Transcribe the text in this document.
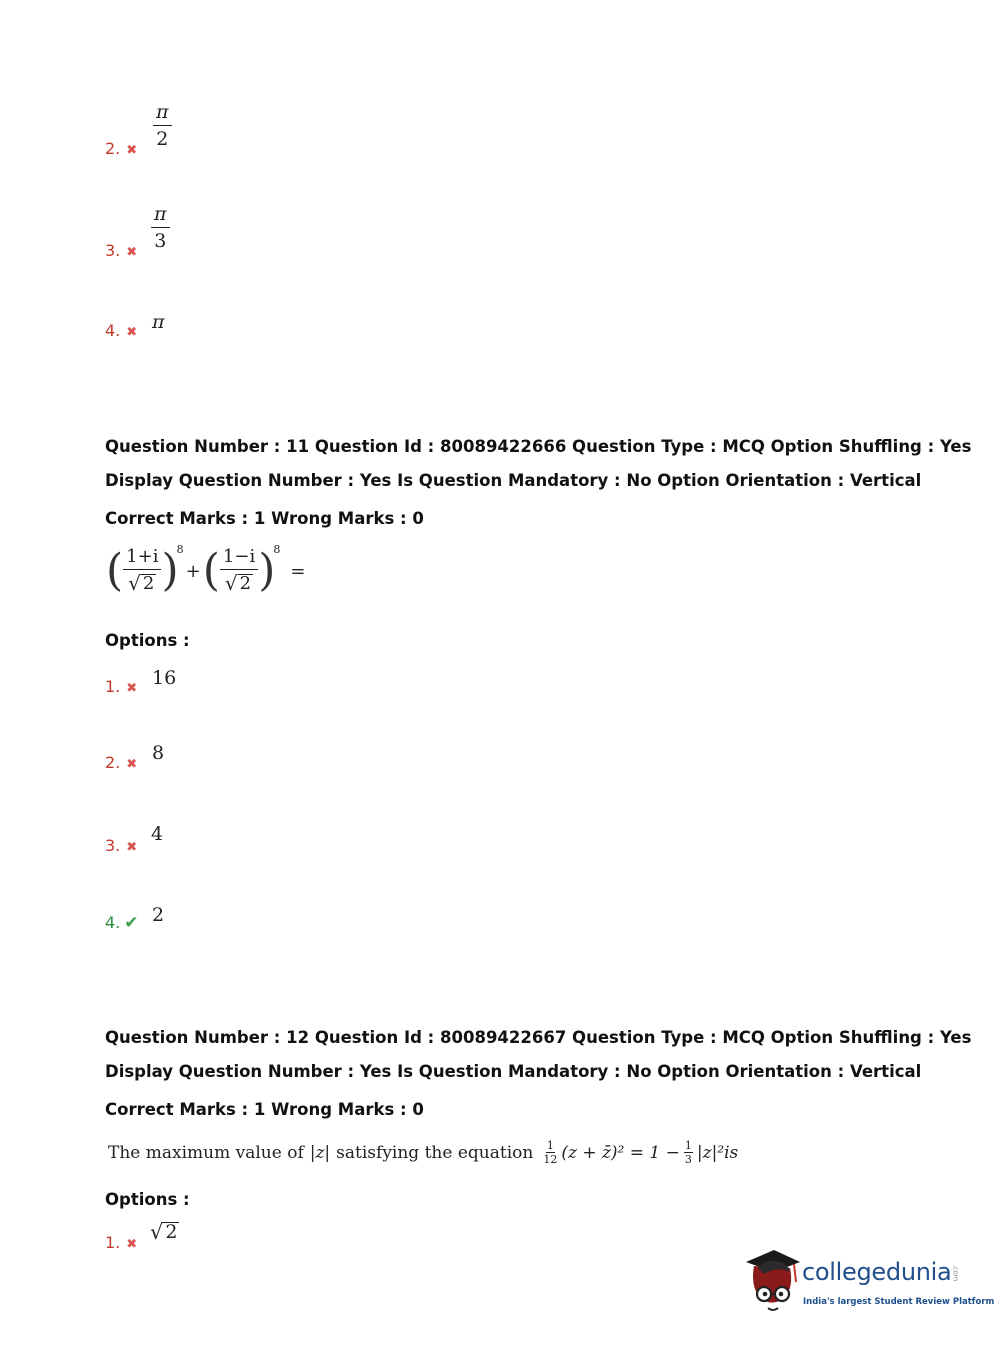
2. ✖
$\frac{\pi}{2}$
3. ✖
$\frac{\pi}{3}$
4. ✖ π
Question Number : 11 Question Id : 80089422666 Question Type : MCQ Option Shuffling : Yes
Display Question Number : Yes Is Question Mandatory : No Option Orientation : Vertical
Correct Marks : 1 Wrong Marks : 0
( $\frac{1+i}{√ 2}$ )
8
+ ( $\frac{1-i}{√ 2}$ )
8
=
Options :
1. ✖ 16
2. ✖
8
3. ✖
4
4. ✔ 2
Question Number : 12 Question Id : 80089422667 Question Type : MCQ Option Shuffling : Yes
Display Question Number : Yes Is Question Mandatory : No Option Orientation : Vertical
Correct Marks : 1 Wrong Marks : 0
The maximum value of |z| satisfying the equation $\frac{1}{12} (z$ + z̄)² = $1 - \frac{1}{3} |z|^2is$
Options :
1. ✖
√ 2
collegedunia.com
India's largest Student Review Platform
